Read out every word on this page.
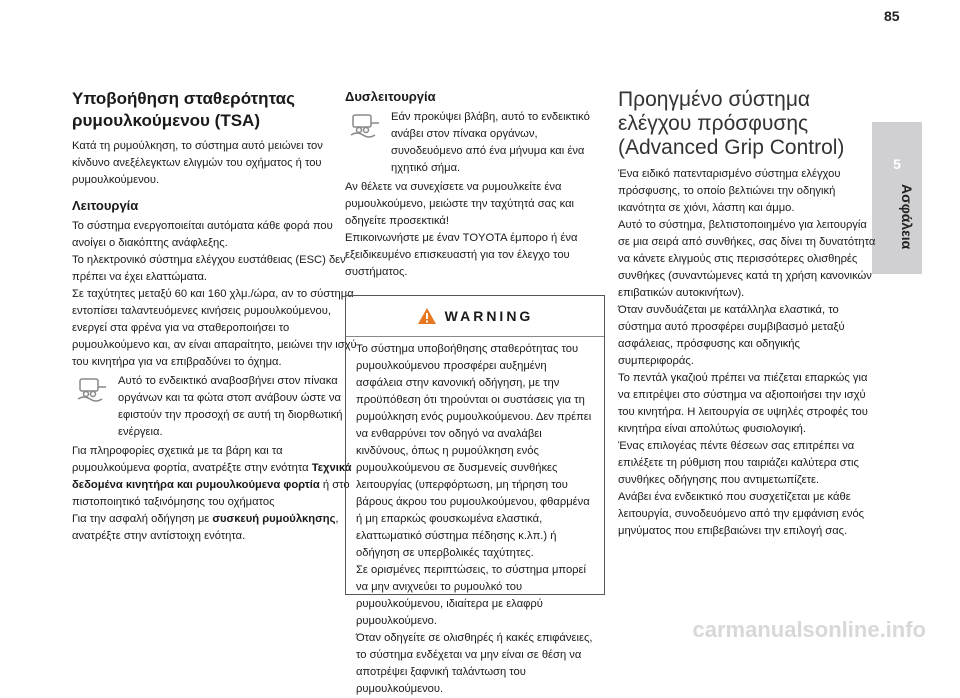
85
5
Ασφάλεια
Υποβοήθηση σταθερότητας ρυμουλκούμενου (TSA)

Κατά τη ρυμούλκηση, το σύστημα αυτό μειώνει τον κίνδυνο ανεξέλεγκτων ελιγμών του οχήματος ή του ρυμουλκούμενου.

Λειτουργία

Το σύστημα ενεργοποιείται αυτόματα κάθε φορά που ανοίγει ο διακόπτης ανάφλεξης.

Το ηλεκτρονικό σύστημα ελέγχου ευστάθειας (ESC) δεν πρέπει να έχει ελαττώματα.

Σε ταχύτητες μεταξύ 60 και 160 χλμ./ώρα, αν το σύστημα εντοπίσει ταλαντευόμενες κινήσεις ρυμουλκούμενου, ενεργεί στα φρένα για να σταθεροποιήσει το ρυμουλκούμενο και, αν είναι απαραίτητο, μειώνει την ισχύ του κινητήρα για να επιβραδύνει το όχημα.

Αυτό το ενδεικτικό αναβοσβήνει στον πίνακα οργάνων και τα φώτα στοπ ανάβουν ώστε να εφιστούν την προσοχή σε αυτή τη διορθωτική ενέργεια.

Για πληροφορίες σχετικά με τα βάρη και τα ρυμουλκούμενα φορτία, ανατρέξτε στην ενότητα Τεχνικά δεδομένα κινητήρα και ρυμουλκούμενα φορτία ή στο πιστοποιητικό ταξινόμησης του οχήματος

Για την ασφαλή οδήγηση με συσκευή ρυμούλκησης, ανατρέξτε στην αντίστοιχη ενότητα.

Δυσλειτουργία
Εάν προκύψει βλάβη, αυτό το ενδεικτικό ανάβει στον πίνακα οργάνων, συνοδευόμενο από ένα μήνυμα και ένα ηχητικό σήμα.

Αν θέλετε να συνεχίσετε να ρυμουλκείτε ένα ρυμουλκούμενο, μειώστε την ταχύτητά σας και οδηγείτε προσεκτικά!

Επικοινωνήστε με έναν TOYOTA έμπορο ή ένα εξειδικευμένο επισκευαστή για τον έλεγχο του συστήματος.

WARNING

Το σύστημα υποβοήθησης σταθερότητας του ρυμουλκούμενου προσφέρει αυξημένη ασφάλεια στην κανονική οδήγηση, με την προϋπόθεση ότι τηρούνται οι συστάσεις για τη ρυμούλκηση ενός ρυμουλκούμενου. Δεν πρέπει να ενθαρρύνει τον οδηγό να αναλάβει κινδύνους, όπως η ρυμούλκηση ενός ρυμουλκούμενου σε δυσμενείς συνθήκες λειτουργίας (υπερφόρτωση, μη τήρηση του βάρους άκρου του ρυμουλκούμενου, φθαρμένα ή μη επαρκώς φουσκωμένα ελαστικά, ελαττωματικό σύστημα πέδησης κ.λπ.) ή οδήγηση σε υπερβολικές ταχύτητες.

Σε ορισμένες περιπτώσεις, το σύστημα μπορεί να μην ανιχνεύει το ρυμουλκό του ρυμουλκούμενου, ιδιαίτερα με ελαφρύ ρυμουλκούμενο.

Όταν οδηγείτε σε ολισθηρές ή κακές επιφάνειες, το σύστημα ενδέχεται να μην είναι σε θέση να αποτρέψει ξαφνική ταλάντωση του ρυμουλκούμενου.

Προηγμένο σύστημα ελέγχου πρόσφυσης (Advanced Grip Control)

Ένα ειδικό πατενταρισμένο σύστημα ελέγχου πρόσφυσης, το οποίο βελτιώνει την οδηγική ικανότητα σε χιόνι, λάσπη και άμμο.

Αυτό το σύστημα, βελτιστοποιημένο για λειτουργία σε μια σειρά από συνθήκες, σας δίνει τη δυνατότητα να κάνετε ελιγμούς στις περισσότερες ολισθηρές συνθήκες (συναντώμενες κατά τη χρήση κανονικών επιβατικών αυτοκινήτων).

Όταν συνδυάζεται με κατάλληλα ελαστικά, το σύστημα αυτό προσφέρει συμβιβασμό μεταξύ ασφάλειας, πρόσφυσης και οδηγικής συμπεριφοράς.

Το πεντάλ γκαζιού πρέπει να πιέζεται επαρκώς για να επιτρέψει στο σύστημα να αξιοποιήσει την ισχύ του κινητήρα. Η λειτουργία σε υψηλές στροφές του κινητήρα είναι απολύτως φυσιολογική.

Ένας επιλογέας πέντε θέσεων σας επιτρέπει να επιλέξετε τη ρύθμιση που ταιριάζει καλύτερα στις συνθήκες οδήγησης που αντιμετωπίζετε.

Ανάβει ένα ενδεικτικό που συσχετίζεται με κάθε λειτουργία, συνοδευόμενο από την εμφάνιση ενός μηνύματος που επιβεβαιώνει την επιλογή σας.

carmanualsonline.info
